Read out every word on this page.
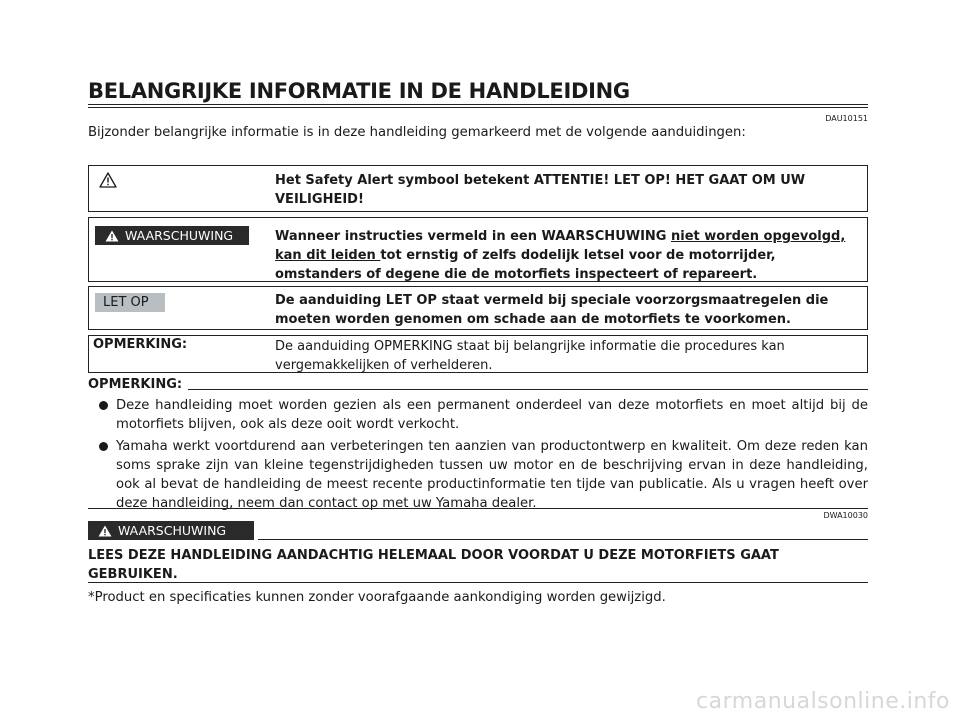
BELANGRIJKE INFORMATIE IN DE HANDLEIDING
DAU10151
Bijzonder belangrijke informatie is in deze handleiding gemarkeerd met de volgende aanduidingen:
Het Safety Alert symbool betekent ATTENTIE! LET OP! HET GAAT OM UW VEILIGHEID!
WAARSCHUWING	Wanneer instructies vermeld in een WAARSCHUWING niet worden opgevolgd, kan dit leiden tot ernstig of zelfs dodelijk letsel voor de motorrijder, omstanders of degene die de motorfiets inspecteert of repareert.
LET OP	De aanduiding LET OP staat vermeld bij speciale voorzorgsmaatregelen die moeten worden genomen om schade aan de motorfiets te voorkomen.
OPMERKING:	De aanduiding OPMERKING staat bij belangrijke informatie die procedures kan vergemakkelijken of verhelderen.
OPMERKING:
Deze handleiding moet worden gezien als een permanent onderdeel van deze motorfiets en moet altijd bij de motorfiets blijven, ook als deze ooit wordt verkocht.
Yamaha werkt voortdurend aan verbeteringen ten aanzien van productontwerp en kwaliteit. Om deze reden kan soms sprake zijn van kleine tegenstrijdigheden tussen uw motor en de beschrijving ervan in deze handleiding, ook al bevat de handleiding de meest recente productinformatie ten tijde van publicatie. Als u vragen heeft over deze handleiding, neem dan contact op met uw Yamaha dealer.
DWA10030
WAARSCHUWING
LEES DEZE HANDLEIDING AANDACHTIG HELEMAAL DOOR VOORDAT U DEZE MOTORFIETS GAAT GEBRUIKEN.
*Product en specificaties kunnen zonder voorafgaande aankondiging worden gewijzigd.
carmanualsonline.info
